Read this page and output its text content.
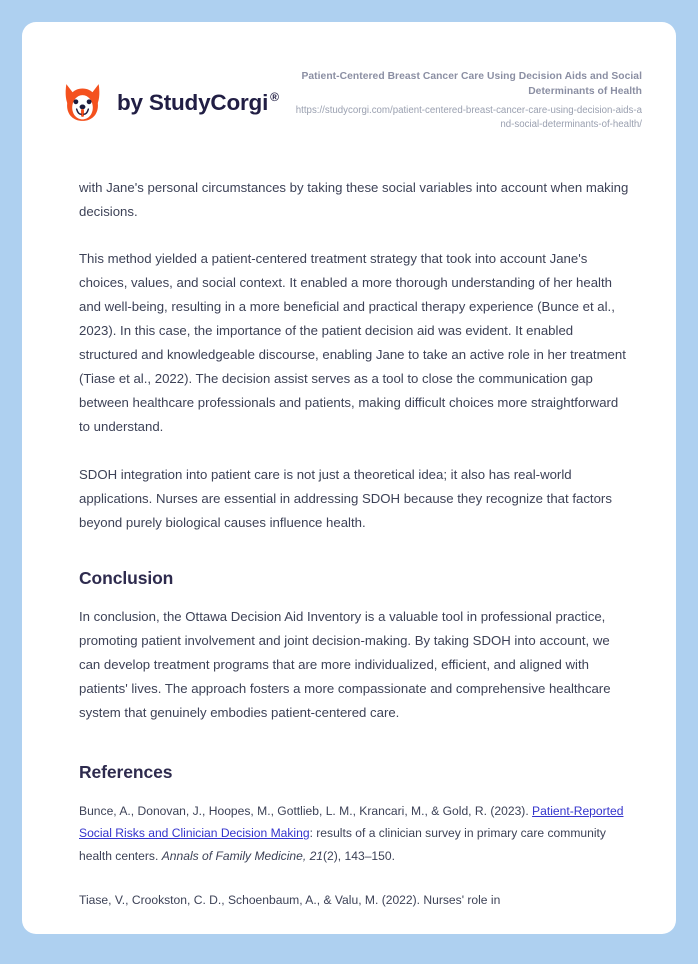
by StudyCorgi ®
Patient-Centered Breast Cancer Care Using Decision Aids and Social Determinants of Health
https://studycorgi.com/patient-centered-breast-cancer-care-using-decision-aids-and-social-determinants-of-health/

with Jane's personal circumstances by taking these social variables into account when making decisions.

This method yielded a patient-centered treatment strategy that took into account Jane's choices, values, and social context. It enabled a more thorough understanding of her health and well-being, resulting in a more beneficial and practical therapy experience (Bunce et al., 2023). In this case, the importance of the patient decision aid was evident. It enabled structured and knowledgeable discourse, enabling Jane to take an active role in her treatment (Tiase et al., 2022). The decision assist serves as a tool to close the communication gap between healthcare professionals and patients, making difficult choices more straightforward to understand.

SDOH integration into patient care is not just a theoretical idea; it also has real-world applications. Nurses are essential in addressing SDOH because they recognize that factors beyond purely biological causes influence health.

Conclusion

In conclusion, the Ottawa Decision Aid Inventory is a valuable tool in professional practice, promoting patient involvement and joint decision-making. By taking SDOH into account, we can develop treatment programs that are more individualized, efficient, and aligned with patients' lives. The approach fosters a more compassionate and comprehensive healthcare system that genuinely embodies patient-centered care.

References

Bunce, A., Donovan, J., Hoopes, M., Gottlieb, L. M., Krancari, M., & Gold, R. (2023). Patient-Reported Social Risks and Clinician Decision Making: results of a clinician survey in primary care community health centers. Annals of Family Medicine, 21(2), 143–150.

Tiase, V., Crookston, C. D., Schoenbaum, A., & Valu, M. (2022). Nurses' role in
